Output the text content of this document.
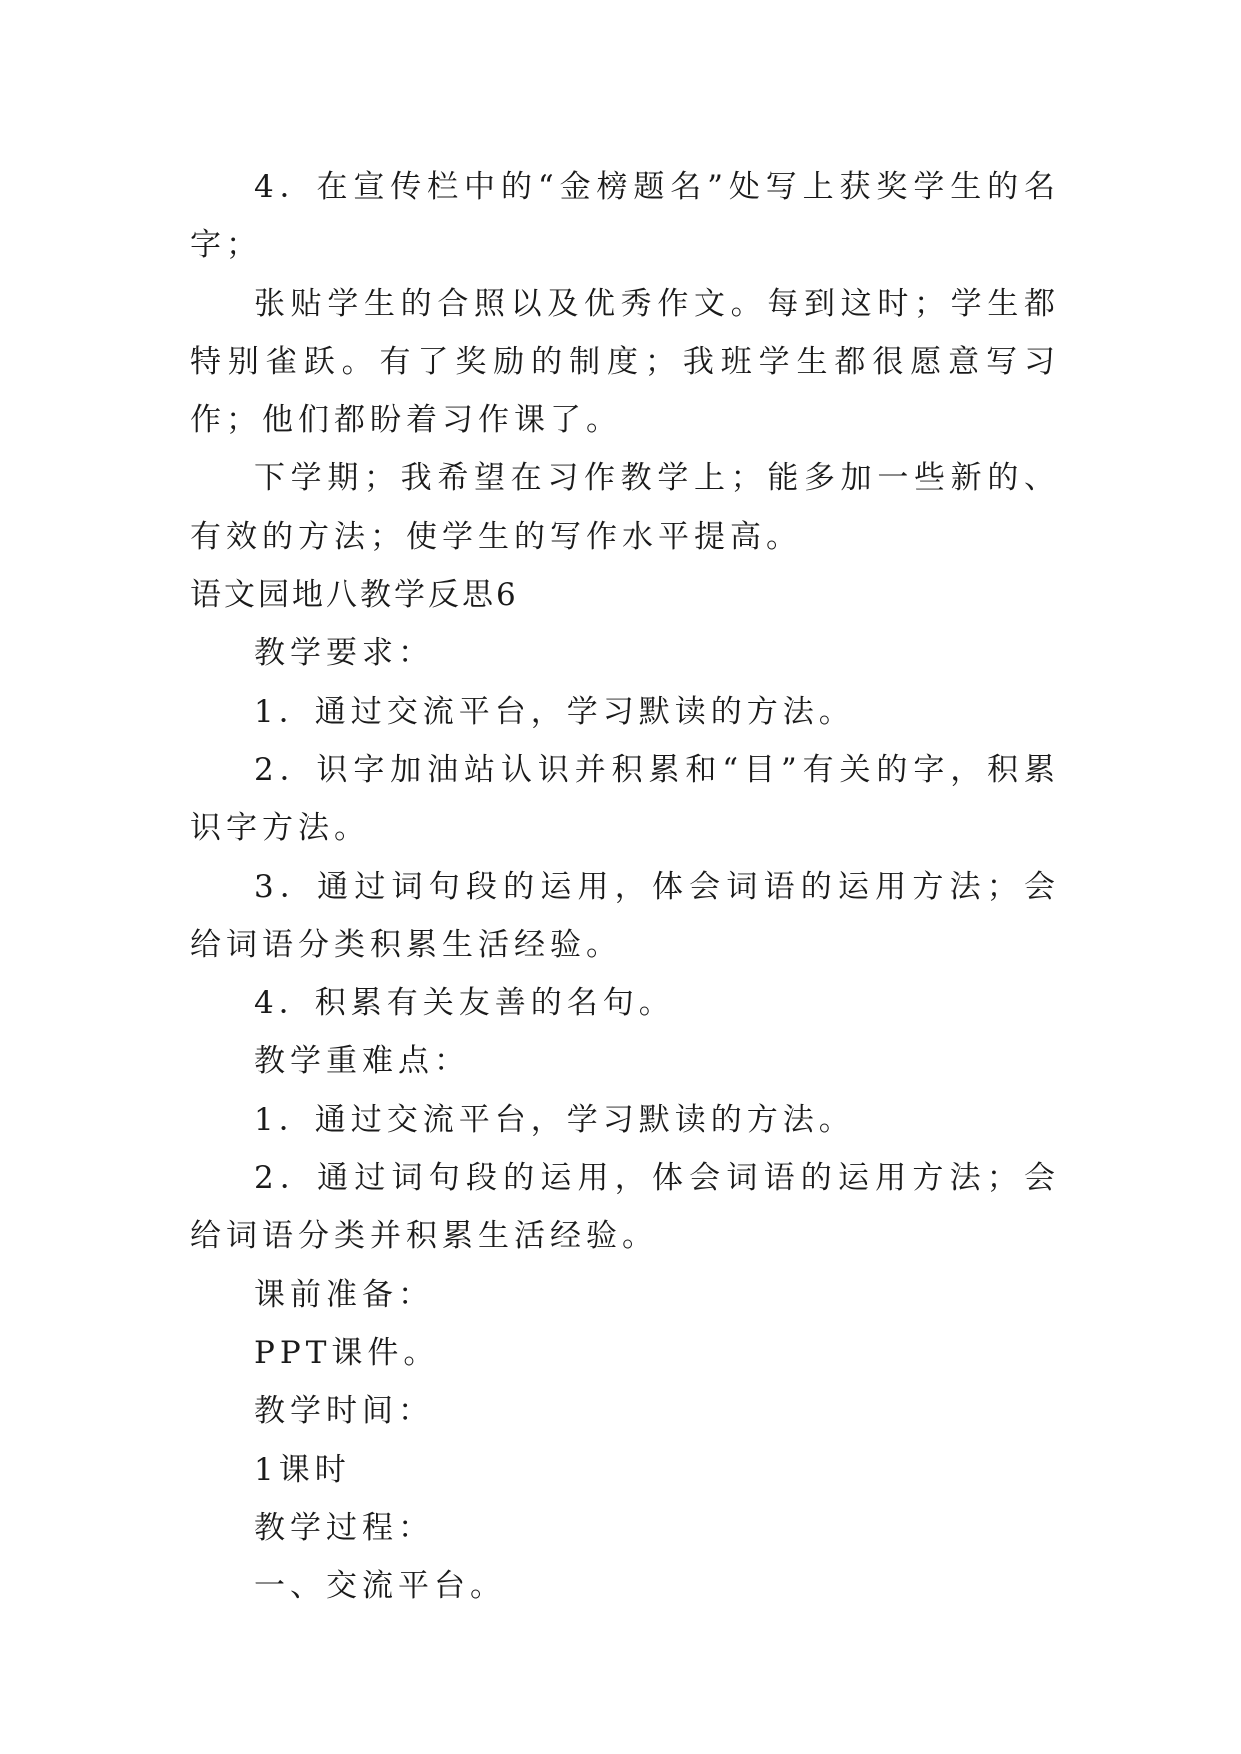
4．在宣传栏中的“金榜题名”处写上获奖学生的名字；

张贴学生的合照以及优秀作文。每到这时；学生都特别雀跃。有了奖励的制度；我班学生都很愿意写习作；他们都盼着习作课了。

下学期；我希望在习作教学上；能多加一些新的、有效的方法；使学生的写作水平提高。

语文园地八教学反思6

教学要求：

1．通过交流平台，学习默读的方法。

2．识字加油站认识并积累和“目”有关的字，积累识字方法。

3．通过词句段的运用，体会词语的运用方法；会给词语分类积累生活经验。

4．积累有关友善的名句。

教学重难点：

1．通过交流平台，学习默读的方法。

2．通过词句段的运用，体会词语的运用方法；会给词语分类并积累生活经验。

课前准备：

PPT课件。

教学时间：

1课时

教学过程：

一、交流平台。
